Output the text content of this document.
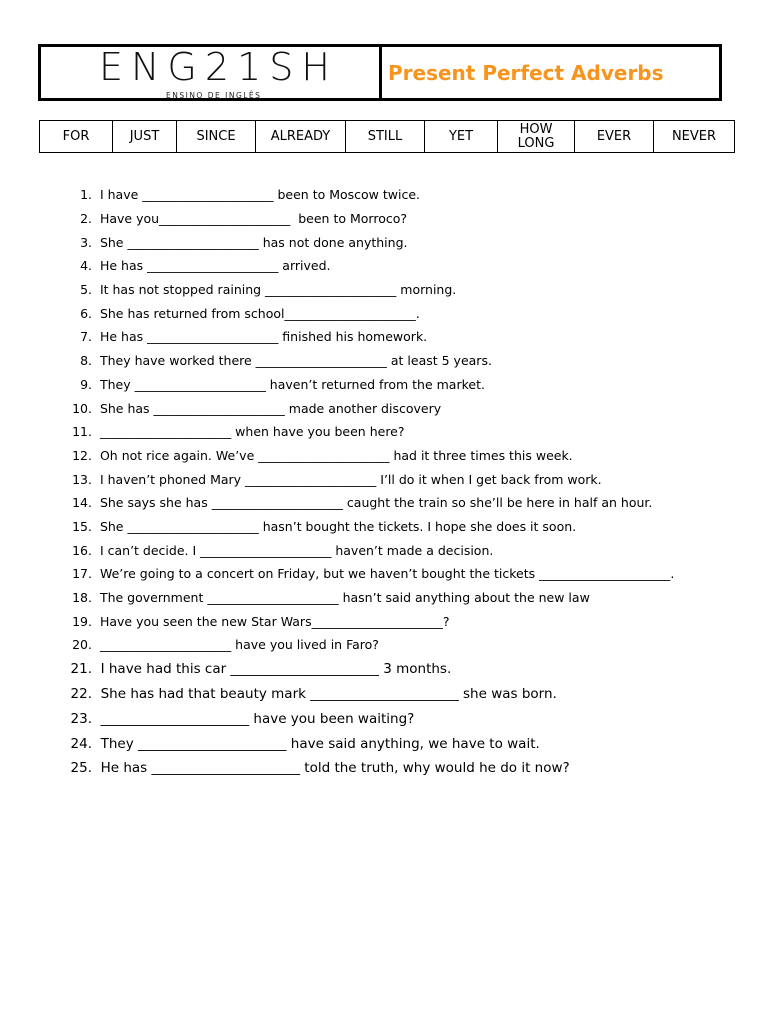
ENG21SH
ENSINO DE INGLÊS
Present Perfect Adverbs
FOR	JUST	SINCE	ALREADY	STILL	YET	HOW LONG	EVER	NEVER
1.
I have _____________________ been to Moscow twice.
2.
Have you_____________________  been to Morroco?
3.
She _____________________ has not done anything.
4.
He has _____________________ arrived.
5.
It has not stopped raining _____________________ morning.
6.
She has returned from school_____________________.
7.
He has _____________________ finished his homework.
8.
They have worked there _____________________ at least 5 years.
9.
They _____________________ haven’t returned from the market.
10.
She has _____________________ made another discovery
11.
_____________________ when have you been here?
12.
Oh not rice again. We’ve _____________________ had it three times this week.
13.
I haven’t phoned Mary _____________________ I’ll do it when I get back from work.
14.
She says she has _____________________ caught the train so she’ll be here in half an hour.
15.
She _____________________ hasn’t bought the tickets. I hope she does it soon.
16.
I can’t decide. I _____________________ haven’t made a decision.
17.
We’re going to a concert on Friday, but we haven’t bought the tickets _____________________.
18.
The government _____________________ hasn’t said anything about the new law
19.
Have you seen the new Star Wars_____________________?
20.
_____________________ have you lived in Faro?
21.
I have had this car ______________________ 3 months.
22.
She has had that beauty mark ______________________ she was born.
23.
______________________ have you been waiting?
24.
They ______________________ have said anything, we have to wait.
25.
He has ______________________ told the truth, why would he do it now?
